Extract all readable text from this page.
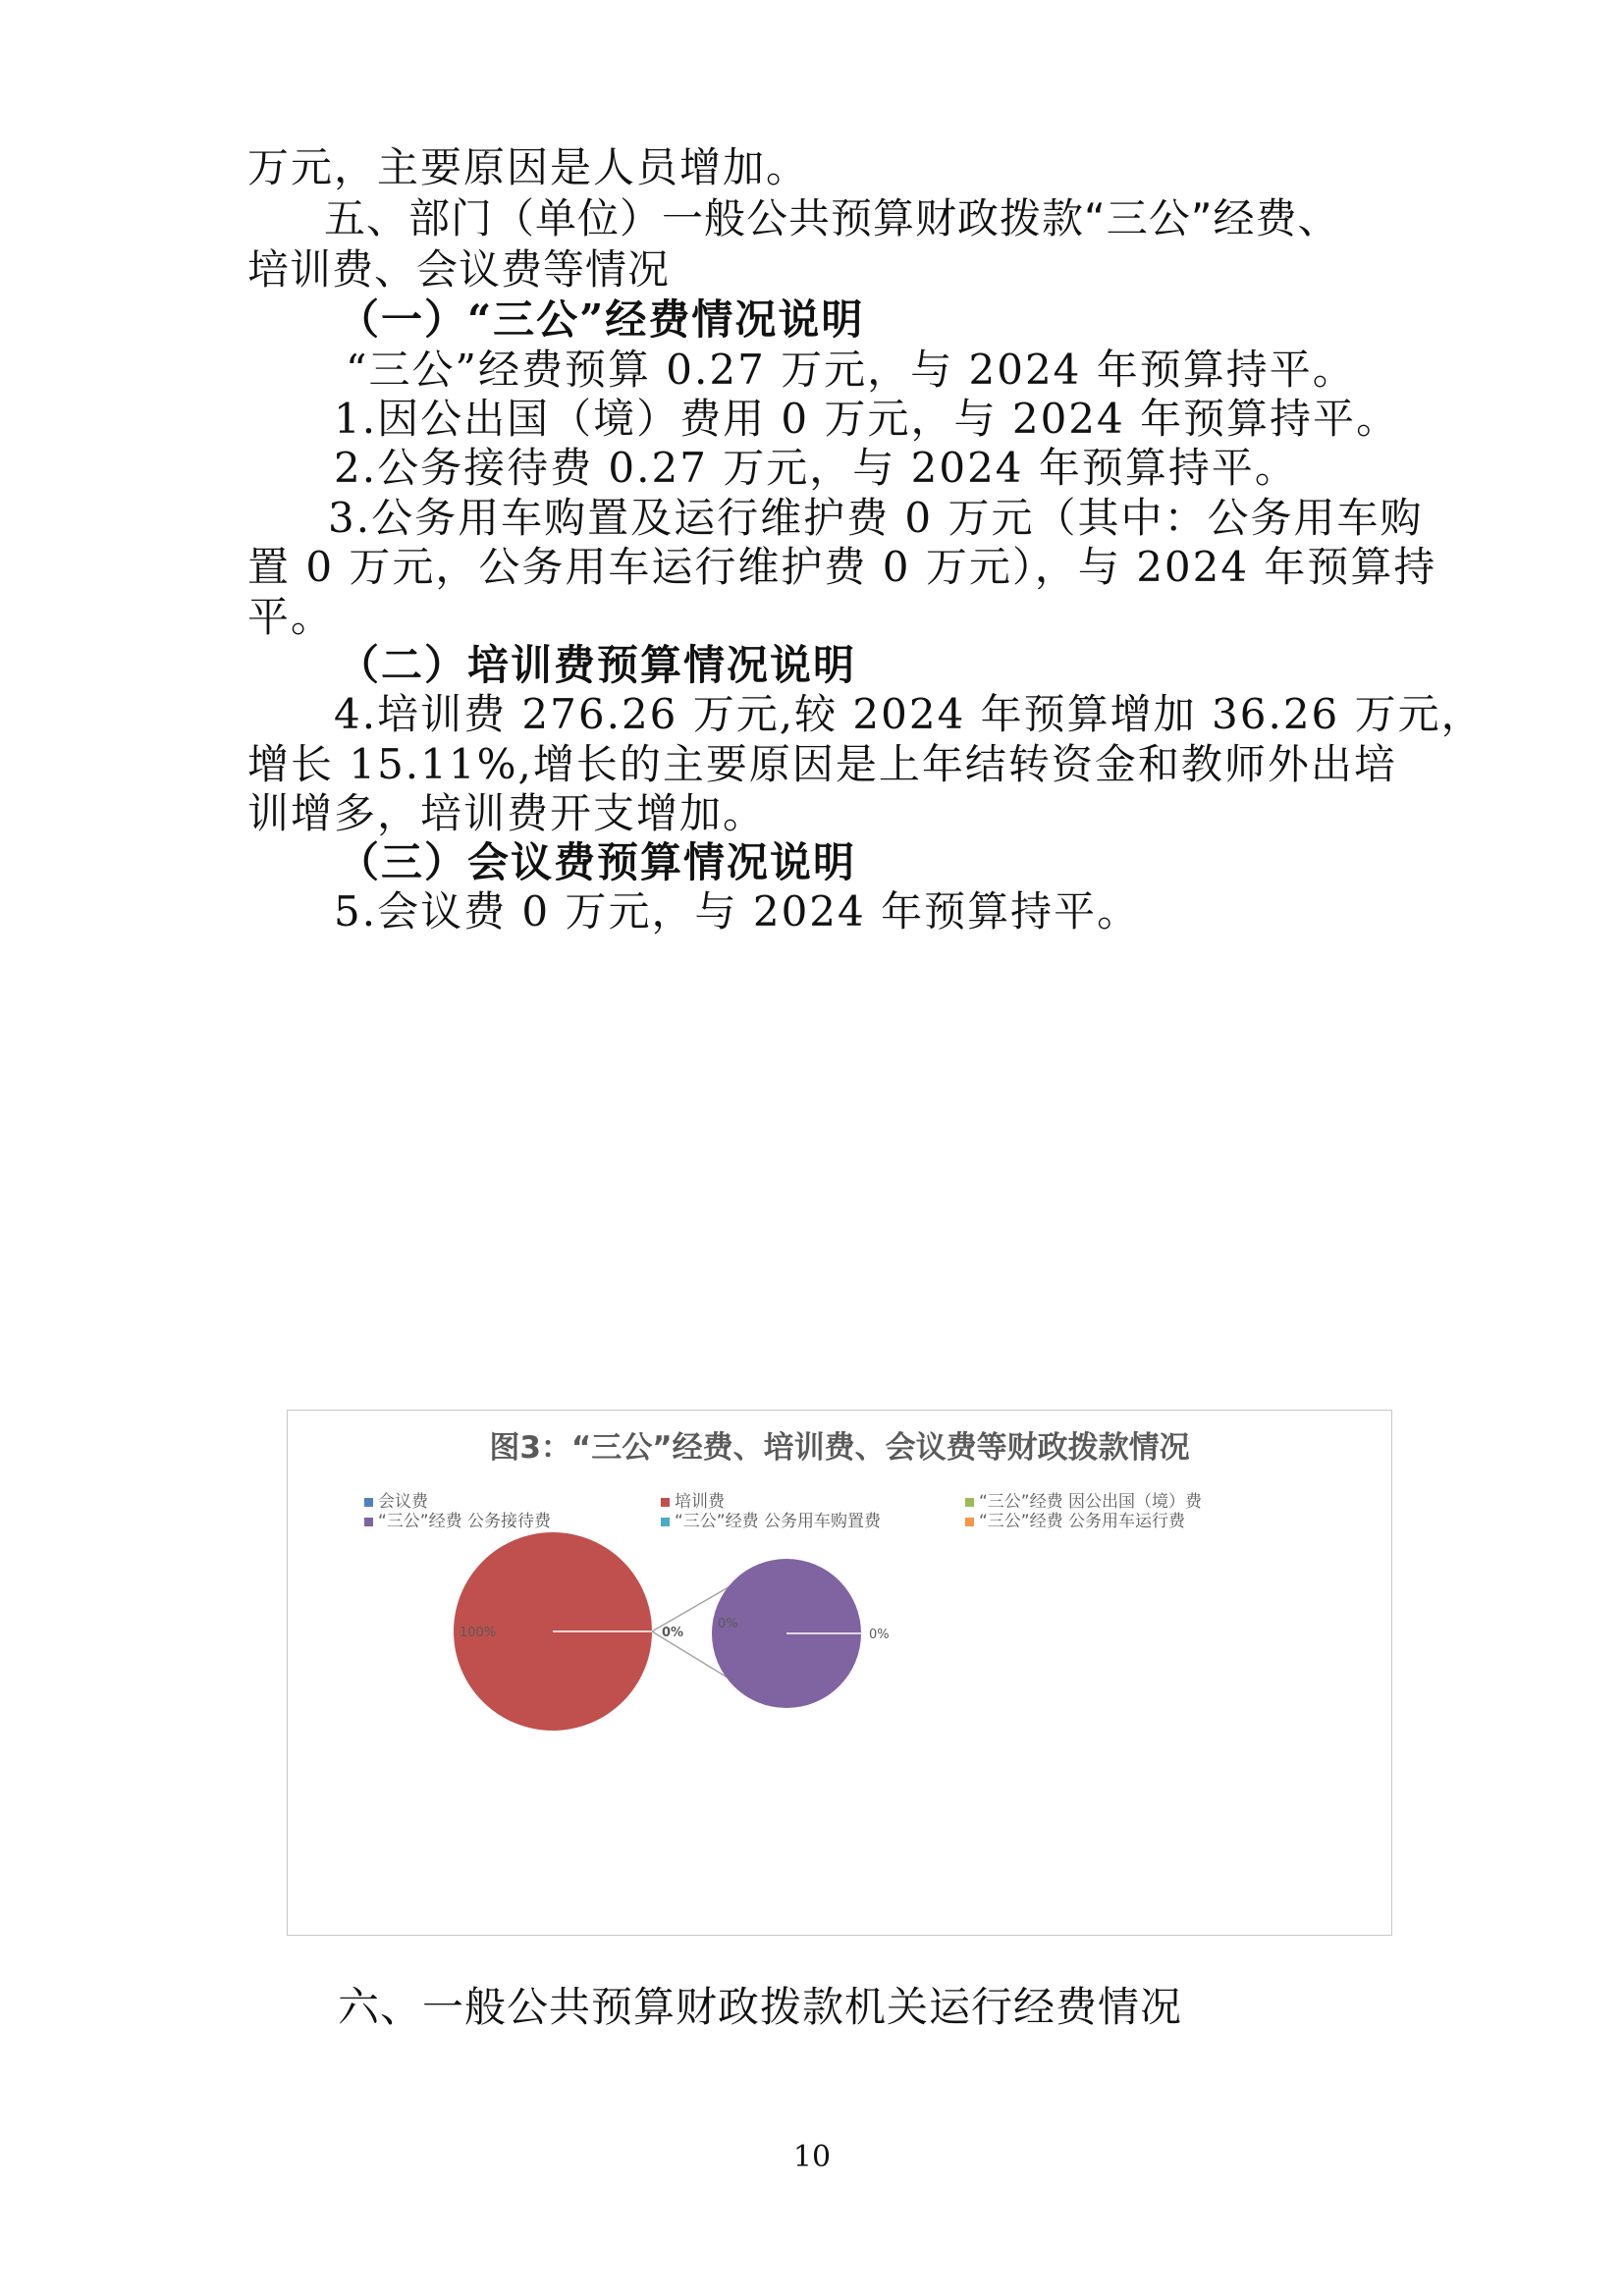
万元，主要原因是人员增加。
五、部门（单位）一般公共预算财政拨款“三公”经费、
培训费、会议费等情况
（一）“三公”经费情况说明
“三公”经费预算 0.27 万元，与 2024 年预算持平。
1.因公出国（境）费用 0 万元，与 2024 年预算持平。
2.公务接待费 0.27 万元，与 2024 年预算持平。
3.公务用车购置及运行维护费 0 万元（其中：公务用车购
置 0 万元，公务用车运行维护费 0 万元），与 2024 年预算持
平。
（二）培训费预算情况说明
4.培训费 276.26 万元,较 2024 年预算增加 36.26 万元，
增长 15.11%,增长的主要原因是上年结转资金和教师外出培
训增多，培训费开支增加。
（三）会议费预算情况说明
5.会议费 0 万元，与 2024 年预算持平。
图3：“三公”经费、培训费、会议费等财政拨款情况
会议费	培训费	“三公”经费 因公出国（境）费
“三公”经费 公务接待费	“三公”经费 公务用车购置费	“三公”经费 公务用车运行费
100%	0%
0%
0%
六、一般公共预算财政拨款机关运行经费情况
10
